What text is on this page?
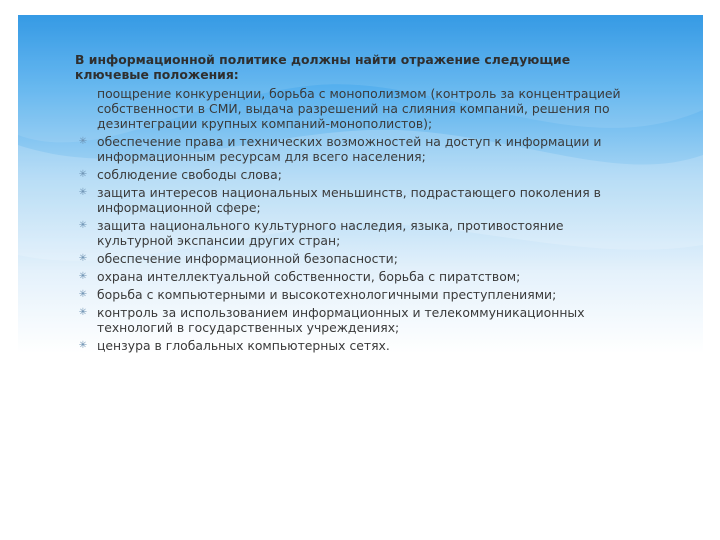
В информационной политике должны найти отражение следующие ключевые положения:

поощрение конкуренции, борьба с монополизмом (контроль за концентрацией собственности в СМИ, выдача разрешений на слияния компаний, решения по дезинтеграции крупных компаний-монополистов);
✳ обеспечение права и технических возможностей на доступ к информации и информационным ресурсам для всего населения;
✳ соблюдение свободы слова;
✳ защита интересов национальных меньшинств, подрастающего поколения в информационной сфере;
✳ защита национального культурного наследия, языка, противостояние культурной экспансии других стран;
✳ обеспечение информационной безопасности;
✳ охрана интеллектуальной собственности, борьба с пиратством;
✳ борьба с компьютерными и высокотехнологичными преступлениями;
✳ контроль за использованием информационных и телекоммуникационных технологий в государственных учреждениях;
✳ цензура в глобальных компьютерных сетях.
